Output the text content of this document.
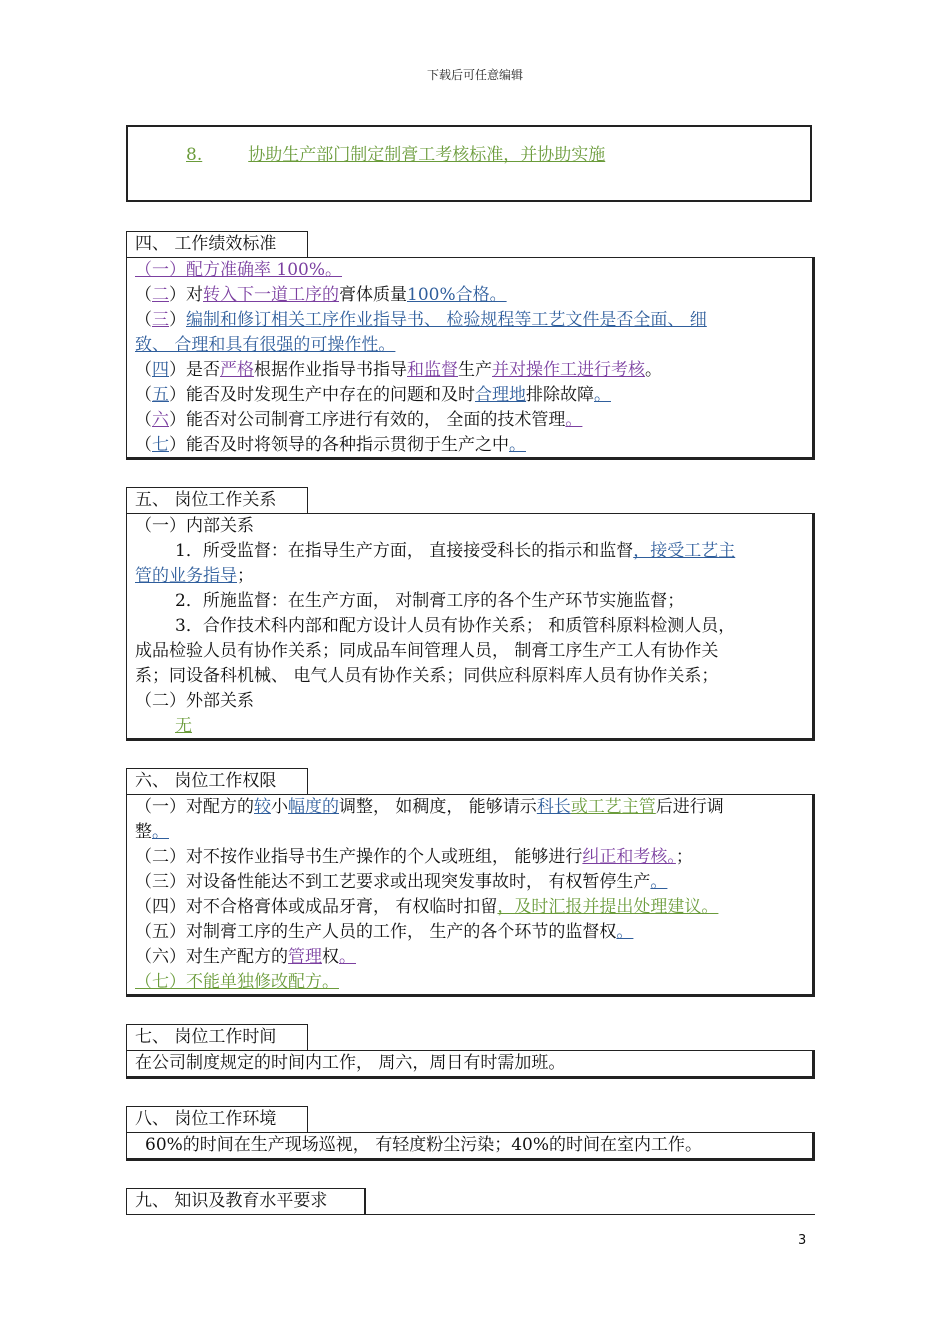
下载后可任意编辑
8.	协助生产部门制定制膏工考核标准，并协助实施
四、 工作绩效标准
（一）配方准确率 100%。
（二）对转入下一道工序的膏体质量100%合格。
（三）编制和修订相关工序作业指导书、 检验规程等工艺文件是否全面、 细
致、 合理和具有很强的可操作性。
（四）是否严格根据作业指导书指导和监督生产并对操作工进行考核。
（五）能否及时发现生产中存在的问题和及时合理地排除故障。
（六）能否对公司制膏工序进行有效的， 全面的技术管理。
（七）能否及时将领导的各种指示贯彻于生产之中。
五、 岗位工作关系
（一）内部关系
1．所受监督：在指导生产方面， 直接接受科长的指示和监督，接受工艺主
管的业务指导；
2．所施监督：在生产方面， 对制膏工序的各个生产环节实施监督；
3．合作技术科内部和配方设计人员有协作关系； 和质管科原料检测人员，
成品检验人员有协作关系；同成品车间管理人员， 制膏工序生产工人有协作关
系；同设备科机械、 电气人员有协作关系；同供应科原料库人员有协作关系；
（二）外部关系
无
六、 岗位工作权限
（一）对配方的较小幅度的调整， 如稠度， 能够请示科长或工艺主管后进行调
整。
（二）对不按作业指导书生产操作的个人或班组， 能够进行纠正和考核。；
（三）对设备性能达不到工艺要求或出现突发事故时， 有权暂停生产。
（四）对不合格膏体或成品牙膏， 有权临时扣留，及时汇报并提出处理建议。
（五）对制膏工序的生产人员的工作， 生产的各个环节的监督权。
（六）对生产配方的管理权。
（七）不能单独修改配方。
七、 岗位工作时间
在公司制度规定的时间内工作， 周六，周日有时需加班。
八、 岗位工作环境
60%的时间在生产现场巡视， 有轻度粉尘污染；40%的时间在室内工作。
九、 知识及教育水平要求
3
